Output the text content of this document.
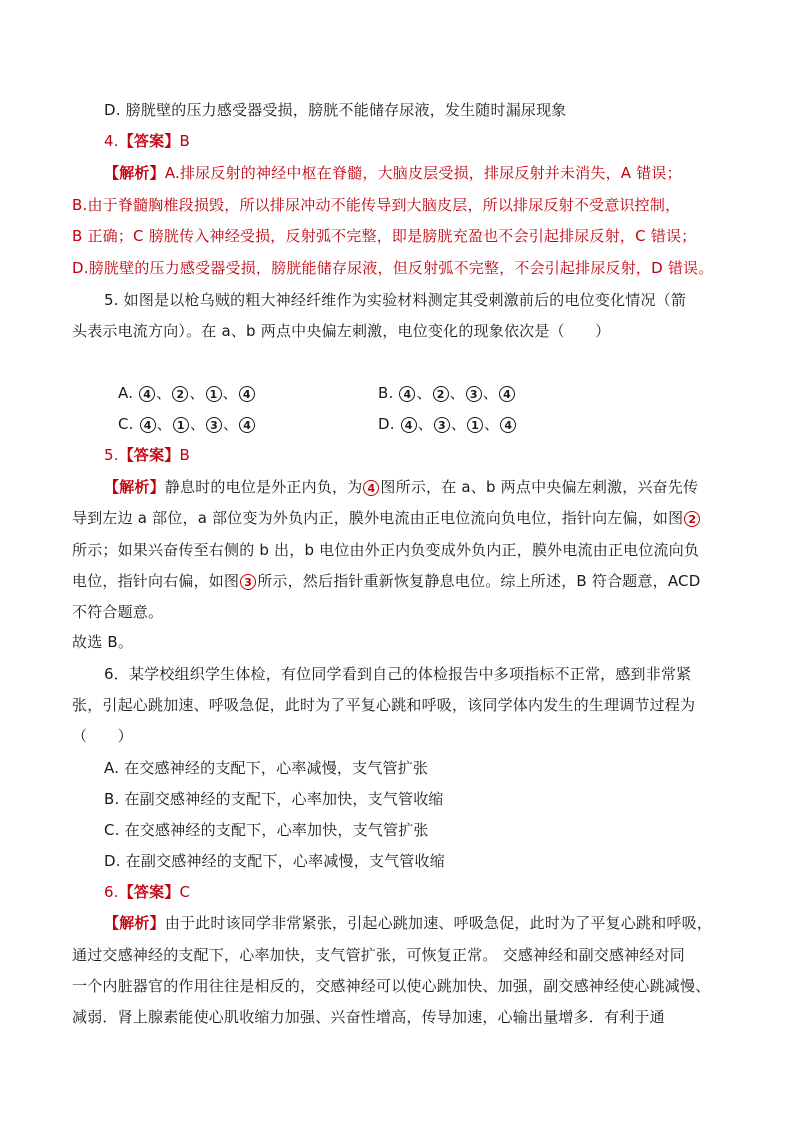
D. 膀胱壁的压力感受器受损，膀胱不能储存尿液，发生随时漏尿现象
4.【答案】B
【解析】A.排尿反射的神经中枢在脊髓，大脑皮层受损，排尿反射并未消失，A 错误；
B.由于脊髓胸椎段损毁，所以排尿冲动不能传导到大脑皮层，所以排尿反射不受意识控制，
B 正确；C 膀胱传入神经受损，反射弧不完整，即是膀胱充盈也不会引起排尿反射，C 错误；
D.膀胱壁的压力感受器受损，膀胱能储存尿液，但反射弧不完整，不会引起排尿反射，D 错误。
5. 如图是以枪乌贼的粗大神经纤维作为实验材料测定其受刺激前后的电位变化情况（箭
头表示电流方向）。在 a、b 两点中央偏左刺激，电位变化的现象依次是（　　）
A. 4 、 2 、 1 、 4	B. 4 、 2 、 3 、 4
C. 4 、 1 、 3 、 4	D. 4 、 3 、 1 、 4
5.【答案】B
【解析】静息时的电位是外正内负，为 4 图所示，在 a、b 两点中央偏左刺激，兴奋先传
导到左边 a 部位，a 部位变为外负内正，膜外电流由正电位流向负电位，指针向左偏，如图 2
所示；如果兴奋传至右侧的 b 出，b 电位由外正内负变成外负内正，膜外电流由正电位流向负
电位，指针向右偏，如图 3 所示，然后指针重新恢复静息电位。综上所述，B 符合题意，ACD
不符合题意。
故选 B。
6．某学校组织学生体检，有位同学看到自己的体检报告中多项指标不正常，感到非常紧
张，引起心跳加速、呼吸急促，此时为了平复心跳和呼吸，该同学体内发生的生理调节过程为
（　　）
A. 在交感神经的支配下，心率减慢，支气管扩张
B. 在副交感神经的支配下，心率加快，支气管收缩
C. 在交感神经的支配下，心率加快，支气管扩张
D. 在副交感神经的支配下，心率减慢，支气管收缩
6.【答案】C
【解析】由于此时该同学非常紧张，引起心跳加速、呼吸急促，此时为了平复心跳和呼吸，
通过交感神经的支配下，心率加快，支气管扩张，可恢复正常。 交感神经和副交感神经对同
一个内脏器官的作用往往是相反的，交感神经可以使心跳加快、加强，副交感神经使心跳减慢、
减弱．肾上腺素能使心肌收缩力加强、兴奋性增高，传导加速，心输出量增多．有利于通
